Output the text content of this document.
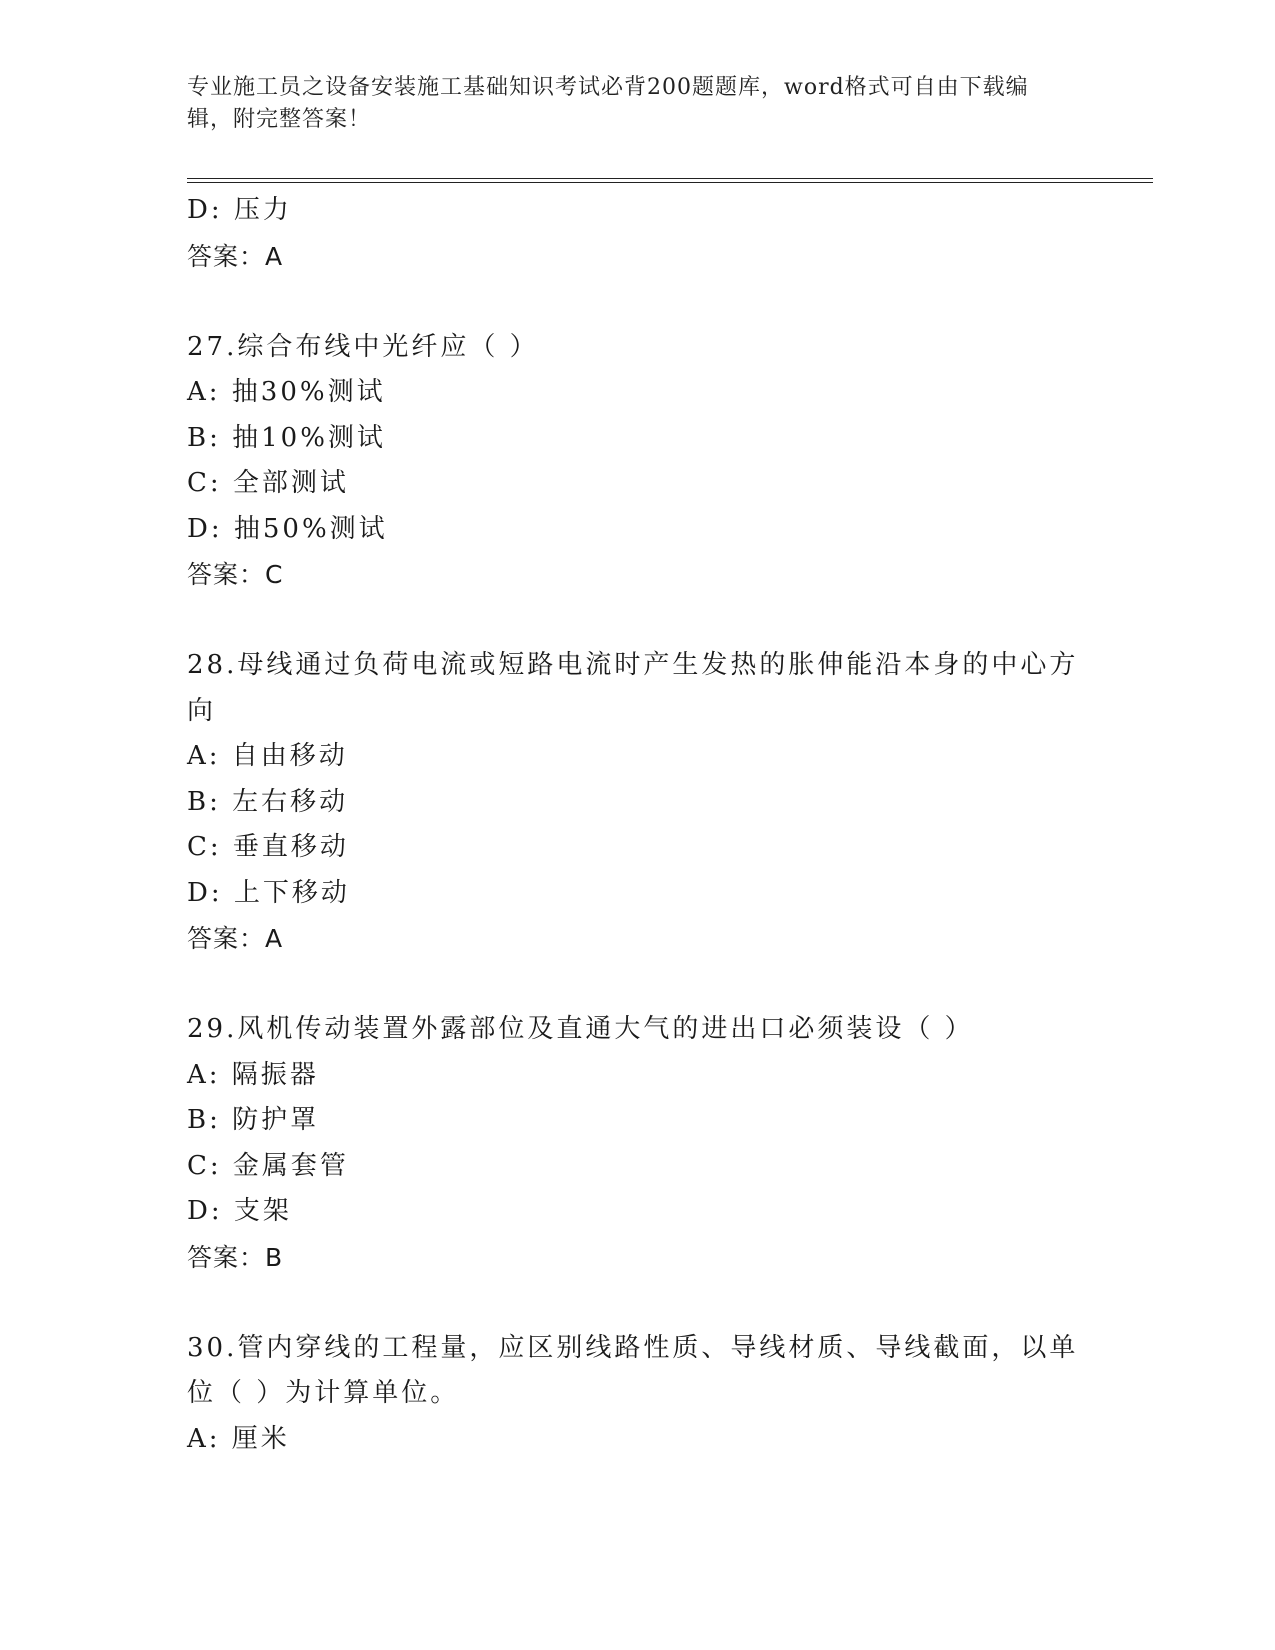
专业施工员之设备安装施工基础知识考试必背200题题库，word格式可自由下载编辑，附完整答案！
D: 压力
答案：A
27.综合布线中光纤应（ ）
A: 抽30%测试
B: 抽10%测试
C: 全部测试
D: 抽50%测试
答案：C
28.母线通过负荷电流或短路电流时产生发热的胀伸能沿本身的中心方向
A: 自由移动
B: 左右移动
C: 垂直移动
D: 上下移动
答案：A
29.风机传动装置外露部位及直通大气的进出口必须装设（ ）
A: 隔振器
B: 防护罩
C: 金属套管
D: 支架
答案：B
30.管内穿线的工程量，应区别线路性质、导线材质、导线截面，以单位（ ）为计算单位。
A: 厘米
